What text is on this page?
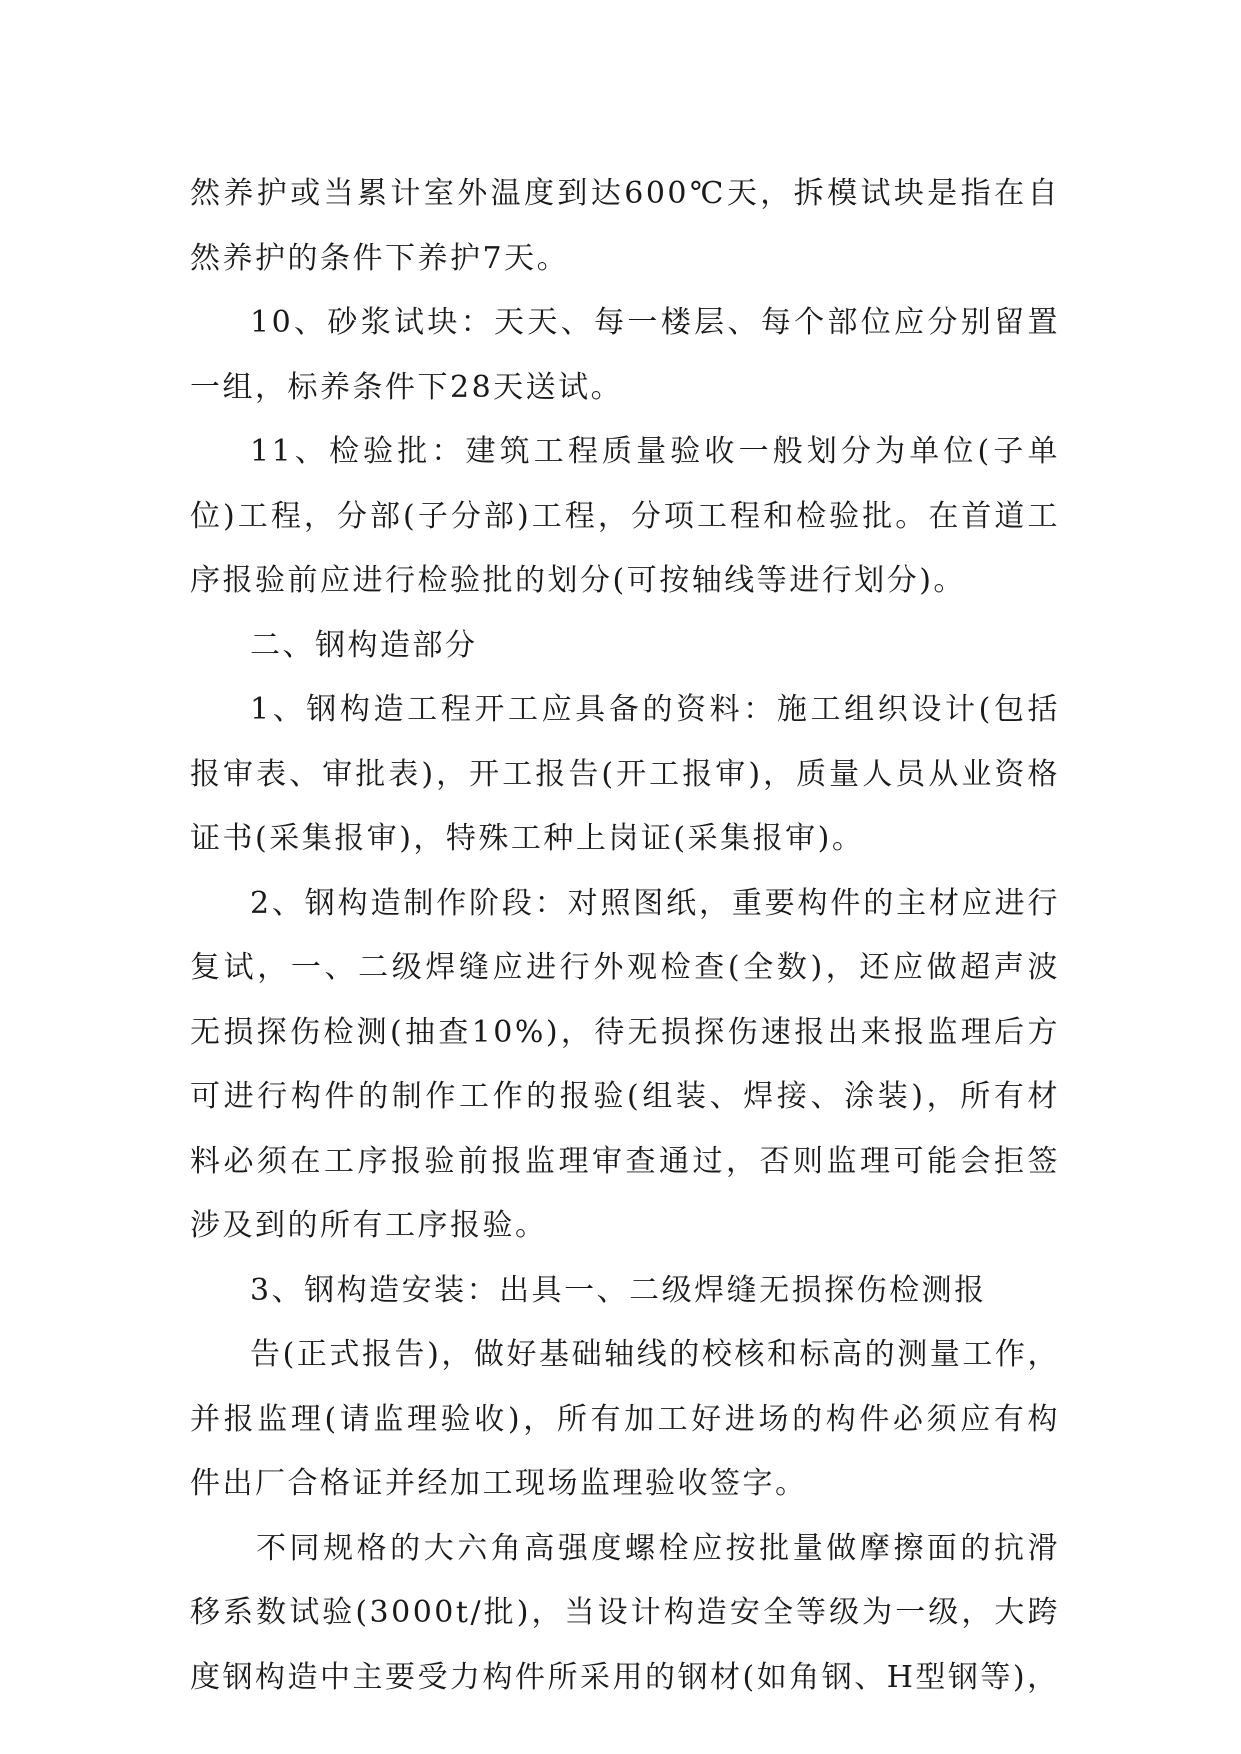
然养护或当累计室外温度到达600℃天，拆模试块是指在自然养护的条件下养护7天。

10、砂浆试块：天天、每一楼层、每个部位应分别留置一组，标养条件下28天送试。

11、检验批：建筑工程质量验收一般划分为单位(子单位)工程，分部(子分部)工程，分项工程和检验批。在首道工序报验前应进行检验批的划分(可按轴线等进行划分)。

二、钢构造部分

1、钢构造工程开工应具备的资料：施工组织设计(包括报审表、审批表)，开工报告(开工报审)，质量人员从业资格证书(采集报审)，特殊工种上岗证(采集报审)。

2、钢构造制作阶段：对照图纸，重要构件的主材应进行复试，一、二级焊缝应进行外观检查(全数)，还应做超声波无损探伤检测(抽查10%)，待无损探伤速报出来报监理后方可进行构件的制作工作的报验(组装、焊接、涂装)，所有材料必须在工序报验前报监理审查通过，否则监理可能会拒签涉及到的所有工序报验。

3、钢构造安装：出具一、二级焊缝无损探伤检测报

告(正式报告)，做好基础轴线的校核和标高的测量工作，并报监理(请监理验收)，所有加工好进场的构件必须应有构件出厂合格证并经加工现场监理验收签字。

不同规格的大六角高强度螺栓应按批量做摩擦面的抗滑移系数试验(3000t/批)，当设计构造安全等级为一级，大跨度钢构造中主要受力构件所采用的钢材(如角钢、H型钢等)，
